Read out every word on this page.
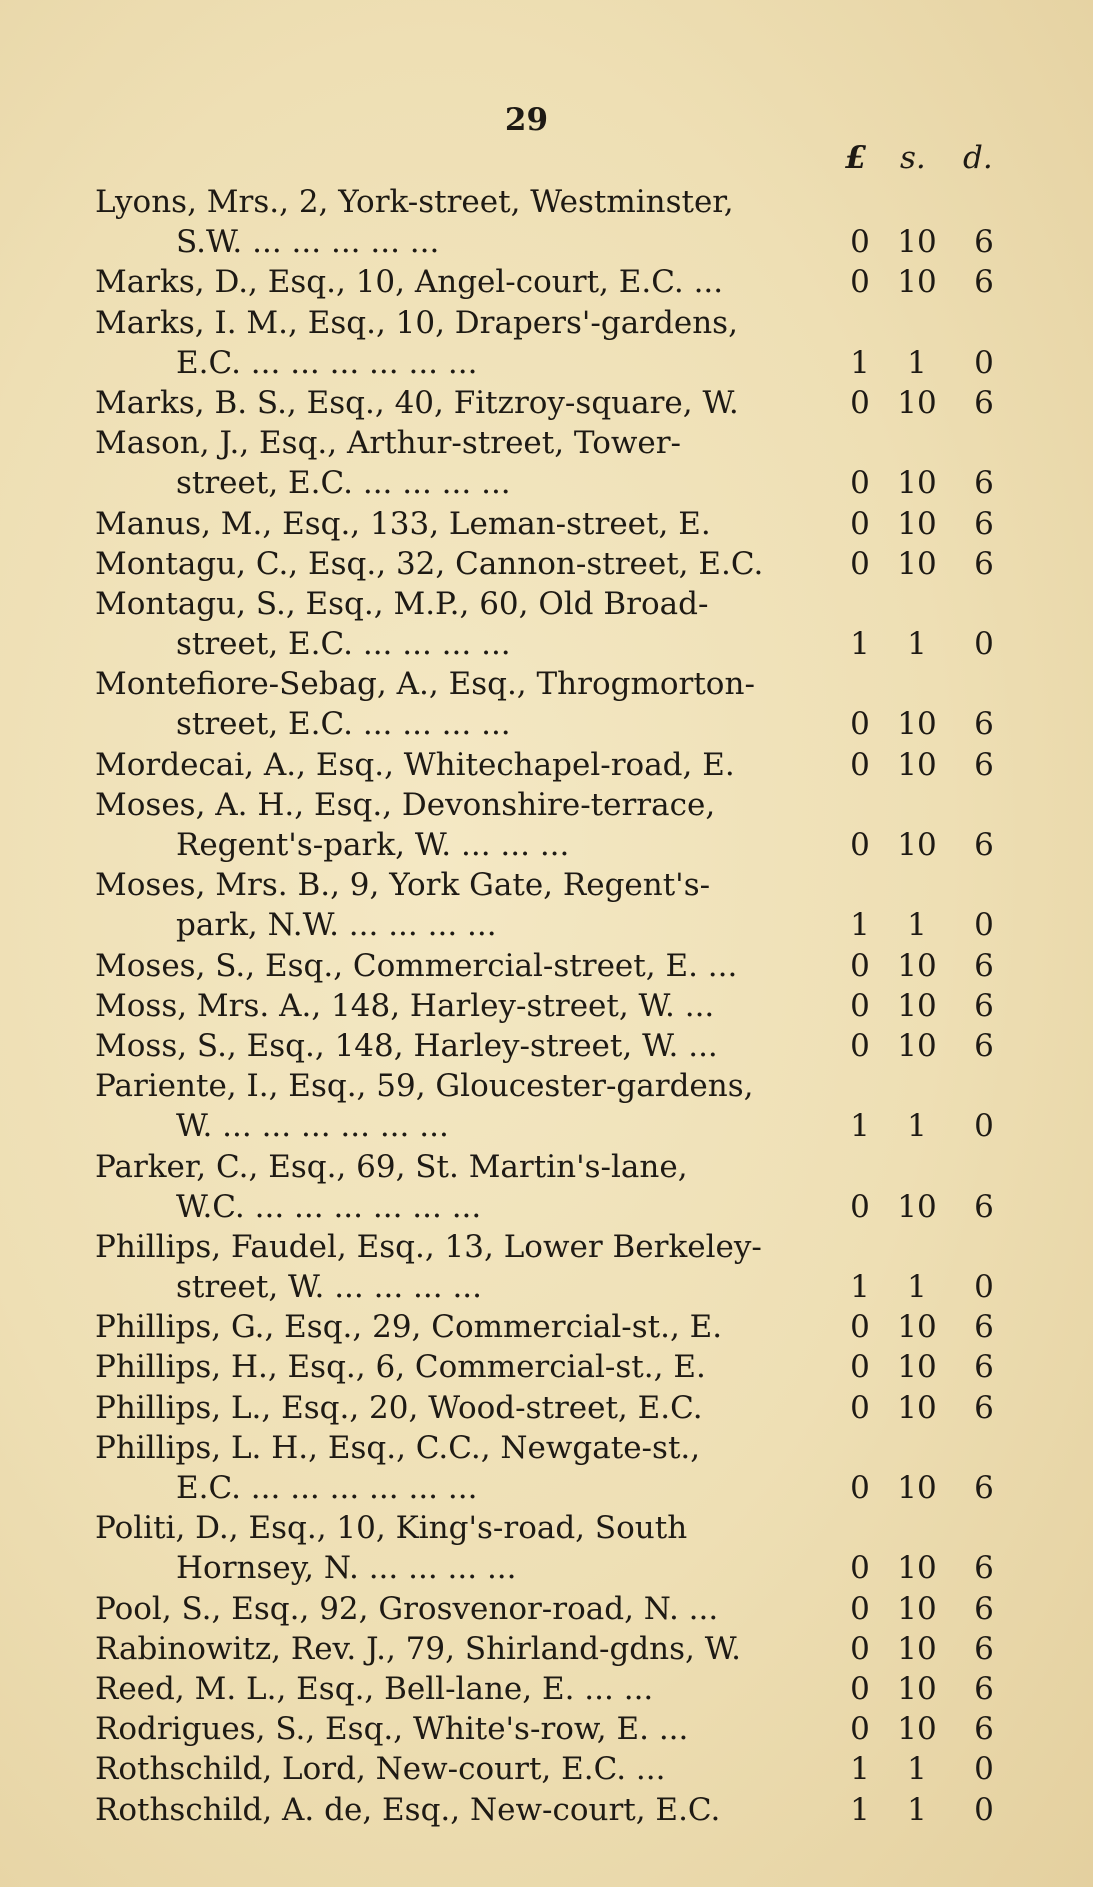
29
£ s. d.
Lyons, Mrs., 2, York-street, Westminster,
S.W. ... ... ... ... ...	0 10	6
Marks, D., Esq., 10, Angel-court, E.C. ...	0 10	6
Marks, I. M., Esq., 10, Drapers'-gardens,
E.C. ... ... ... ... ... ...	1	1	0
Marks, B. S., Esq., 40, Fitzroy-square, W.	0 10	6
Mason, J., Esq., Arthur-street, Tower-
street, E.C. ... ... ... ...	0 10	6
Manus, M., Esq., 133, Leman-street, E.	0 10	6
Montagu, C., Esq., 32, Cannon-street, E.C.	0 10	6
Montagu, S., Esq., M.P., 60, Old Broad-
street, E.C. ... ... ... ...	1	1	0
Montefiore-Sebag, A., Esq., Throgmorton-
street, E.C. ... ... ... ...	0 10	6
Mordecai, A., Esq., Whitechapel-road, E.	0 10	6
Moses, A. H., Esq., Devonshire-terrace,
Regent's-park, W. ... ... ...	0 10	6
Moses, Mrs. B., 9, York Gate, Regent's-
park, N.W. ... ... ... ...	1	1	0
Moses, S., Esq., Commercial-street, E. ...	0 10	6
Moss, Mrs. A., 148, Harley-street, W. ...	0 10	6
Moss, S., Esq., 148, Harley-street, W. ...	0 10	6
Pariente, I., Esq., 59, Gloucester-gardens,
W. ... ... ... ... ... ...	1	1	0
Parker, C., Esq., 69, St. Martin's-lane,
W.C. ... ... ... ... ... ...	0 10	6
Phillips, Faudel, Esq., 13, Lower Berkeley-
street, W. ... ... ... ...	1	1	0
Phillips, G., Esq., 29, Commercial-st., E.	0 10	6
Phillips, H., Esq., 6, Commercial-st., E.	0 10	6
Phillips, L., Esq., 20, Wood-street, E.C.	0 10	6
Phillips, L. H., Esq., C.C., Newgate-st.,
E.C. ... ... ... ... ... ...	0 10	6
Politi, D., Esq., 10, King's-road, South
Hornsey, N. ... ... ... ...	0 10	6
Pool, S., Esq., 92, Grosvenor-road, N. ...	0 10	6
Rabinowitz, Rev. J., 79, Shirland-gdns, W.	0 10	6
Reed, M. L., Esq., Bell-lane, E. ... ...	0 10	6
Rodrigues, S., Esq., White's-row, E. ...	0 10	6
Rothschild, Lord, New-court, E.C. ...	1	1	0
Rothschild, A. de, Esq., New-court, E.C.	1	1	0
